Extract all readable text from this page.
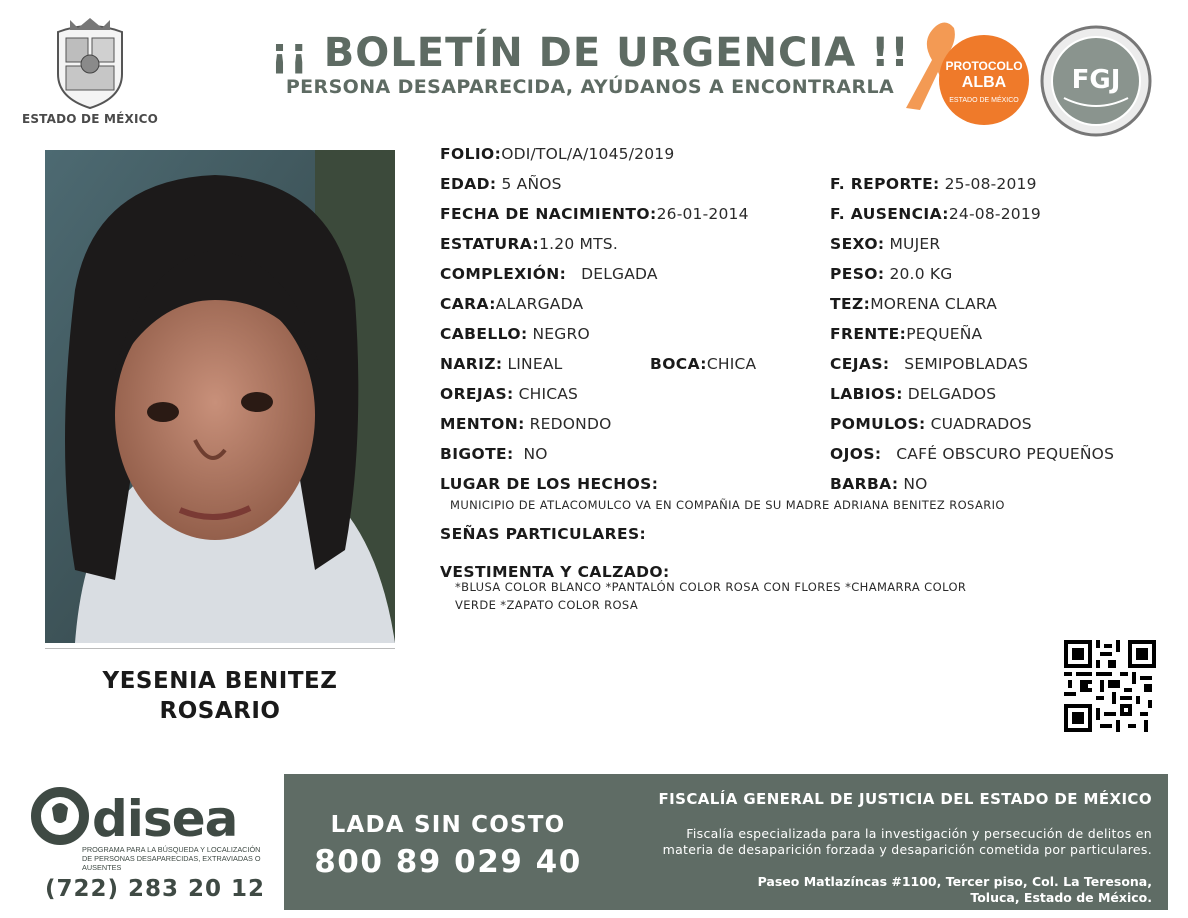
ESTADO DE MÉXICO
¡¡ BOLETÍN DE URGENCIA !!
PERSONA DESAPARECIDA, AYÚDANOS A ENCONTRARLA
PROTOCOLO
ALBA
ESTADO DE MÉXICO
FGJ
YESENIA BENITEZ
ROSARIO
FOLIO:ODI/TOL/A/1045/2019
EDAD: 5 AÑOS	F. REPORTE: 25-08-2019
FECHA DE NACIMIENTO:26-01-2014	F. AUSENCIA:24-08-2019
ESTATURA:1.20 MTS.	SEXO: MUJER
COMPLEXIÓN: DELGADA	PESO: 20.0 KG
CARA:ALARGADA	TEZ:MORENA CLARA
CABELLO: NEGRO	FRENTE:PEQUEÑA
NARIZ: LINEAL	BOCA:CHICA	CEJAS: SEMIPOBLADAS
OREJAS: CHICAS	LABIOS: DELGADOS
MENTON: REDONDO	POMULOS: CUADRADOS
BIGOTE: NO	OJOS: CAFÉ OBSCURO PEQUEÑOS
LUGAR DE LOS HECHOS:	BARBA: NO
MUNICIPIO DE ATLACOMULCO VA EN COMPAÑIA DE SU MADRE ADRIANA BENITEZ ROSARIO
SEÑAS PARTICULARES:
VESTIMENTA Y CALZADO:
*BLUSA COLOR BLANCO *PANTALÓN COLOR ROSA CON FLORES *CHAMARRA COLOR
VERDE *ZAPATO COLOR ROSA
disea
PROGRAMA PARA LA BÚSQUEDA Y LOCALIZACIÓN
DE PERSONAS DESAPARECIDAS, EXTRAVIADAS O
AUSENTES
(722) 283 20 12
LADA SIN COSTO
800 89 029 40
FISCALÍA GENERAL DE JUSTICIA DEL ESTADO DE MÉXICO
Fiscalía especializada para la investigación y persecución de delitos en
materia de desaparición forzada y desaparición cometida por particulares.
Paseo Matlazíncas #1100, Tercer piso, Col. La Teresona,
Toluca, Estado de México.
